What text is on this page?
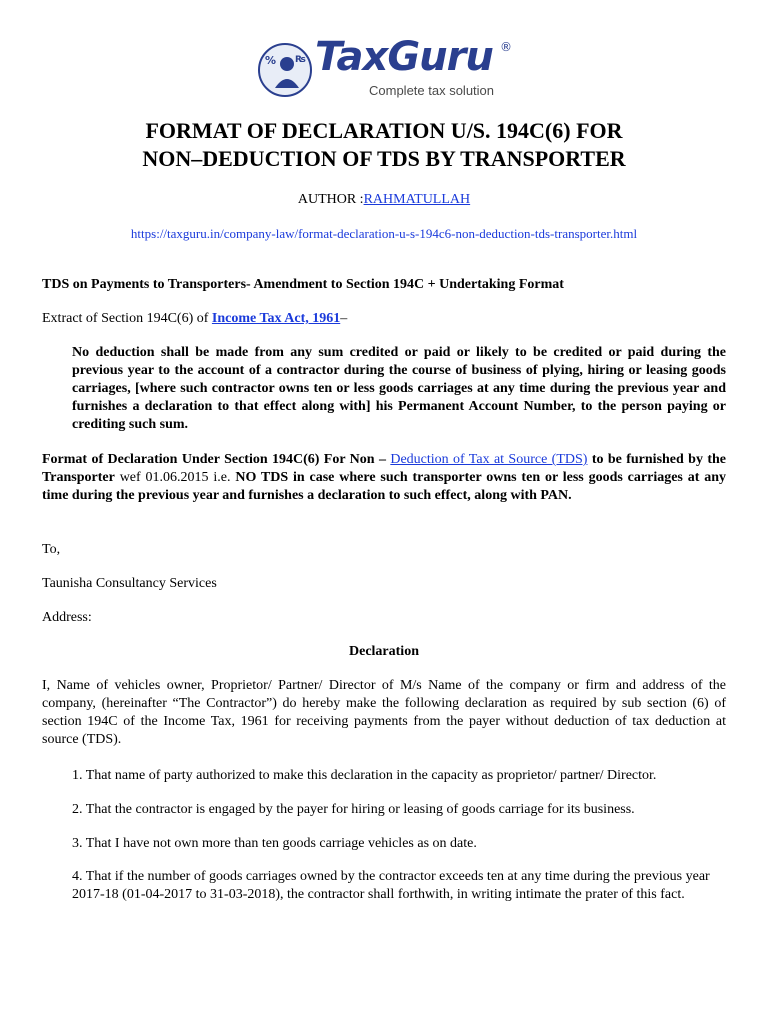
% ₨ TaxGuru ®
Complete tax solution
FORMAT OF DECLARATION U/S. 194C(6) FOR
NON–DEDUCTION OF TDS BY TRANSPORTER
AUTHOR :RAHMATULLAH
https://taxguru.in/company-law/format-declaration-u-s-194c6-non-deduction-tds-transporter.html

TDS on Payments to Transporters- Amendment to Section 194C + Undertaking Format

Extract of Section 194C(6) of Income Tax Act, 1961–

No deduction shall be made from any sum credited or paid or likely to be credited or paid during the previous year to the account of a contractor during the course of business of plying, hiring or leasing goods carriages, [where such contractor owns ten or less goods carriages at any time during the previous year and furnishes a declaration to that effect along with] his Permanent Account Number, to the person paying or crediting such sum.

Format of Declaration Under Section 194C(6) For Non – Deduction of Tax at Source (TDS) to be furnished by the Transporter wef 01.06.2015 i.e. NO TDS in case where such transporter owns ten or less goods carriages at any time during the previous year and furnishes a declaration to such effect, along with PAN.

To,

Taunisha Consultancy Services

Address:

Declaration

I, Name of vehicles owner, Proprietor/ Partner/ Director of M/s Name of the company or firm and address of the company, (hereinafter “The Contractor”) do hereby make the following declaration as required by sub section (6) of section 194C of the Income Tax, 1961 for receiving payments from the payer without deduction of tax deduction at source (TDS).

1. That name of party authorized to make this declaration in the capacity as proprietor/ partner/ Director.

2. That the contractor is engaged by the payer for hiring or leasing of goods carriage for its business.

3. That I have not own more than ten goods carriage vehicles as on date.

4. That if the number of goods carriages owned by the contractor exceeds ten at any time during the previous year 2017-18 (01-04-2017 to 31-03-2018), the contractor shall forthwith, in writing intimate the prater of this fact.
